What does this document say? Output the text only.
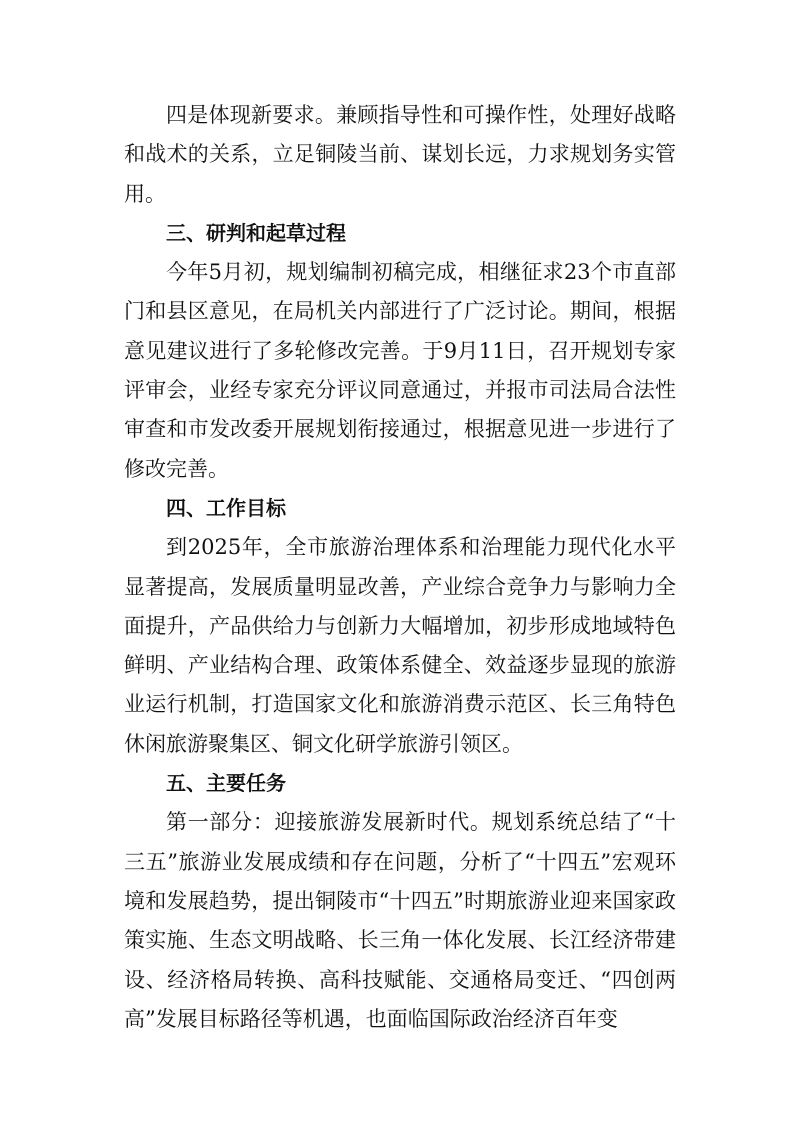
四是体现新要求。兼顾指导性和可操作性，处理好战略和战术的关系，立足铜陵当前、谋划长远，力求规划务实管用。

三、研判和起草过程

今年5月初，规划编制初稿完成，相继征求23个市直部门和县区意见，在局机关内部进行了广泛讨论。期间，根据意见建议进行了多轮修改完善。于9月11日，召开规划专家评审会，业经专家充分评议同意通过，并报市司法局合法性审查和市发改委开展规划衔接通过，根据意见进一步进行了修改完善。

四、工作目标

到2025年，全市旅游治理体系和治理能力现代化水平显著提高，发展质量明显改善，产业综合竞争力与影响力全面提升，产品供给力与创新力大幅增加，初步形成地域特色鲜明、产业结构合理、政策体系健全、效益逐步显现的旅游业运行机制，打造国家文化和旅游消费示范区、长三角特色休闲旅游聚集区、铜文化研学旅游引领区。

五、主要任务

第一部分：迎接旅游发展新时代。规划系统总结了“十三五”旅游业发展成绩和存在问题，分析了“十四五”宏观环境和发展趋势，提出铜陵市“十四五”时期旅游业迎来国家政策实施、生态文明战略、长三角一体化发展、长江经济带建设、经济格局转换、高科技赋能、交通格局变迁、“四创两高”发展目标路径等机遇，也面临国际政治经济百年变
